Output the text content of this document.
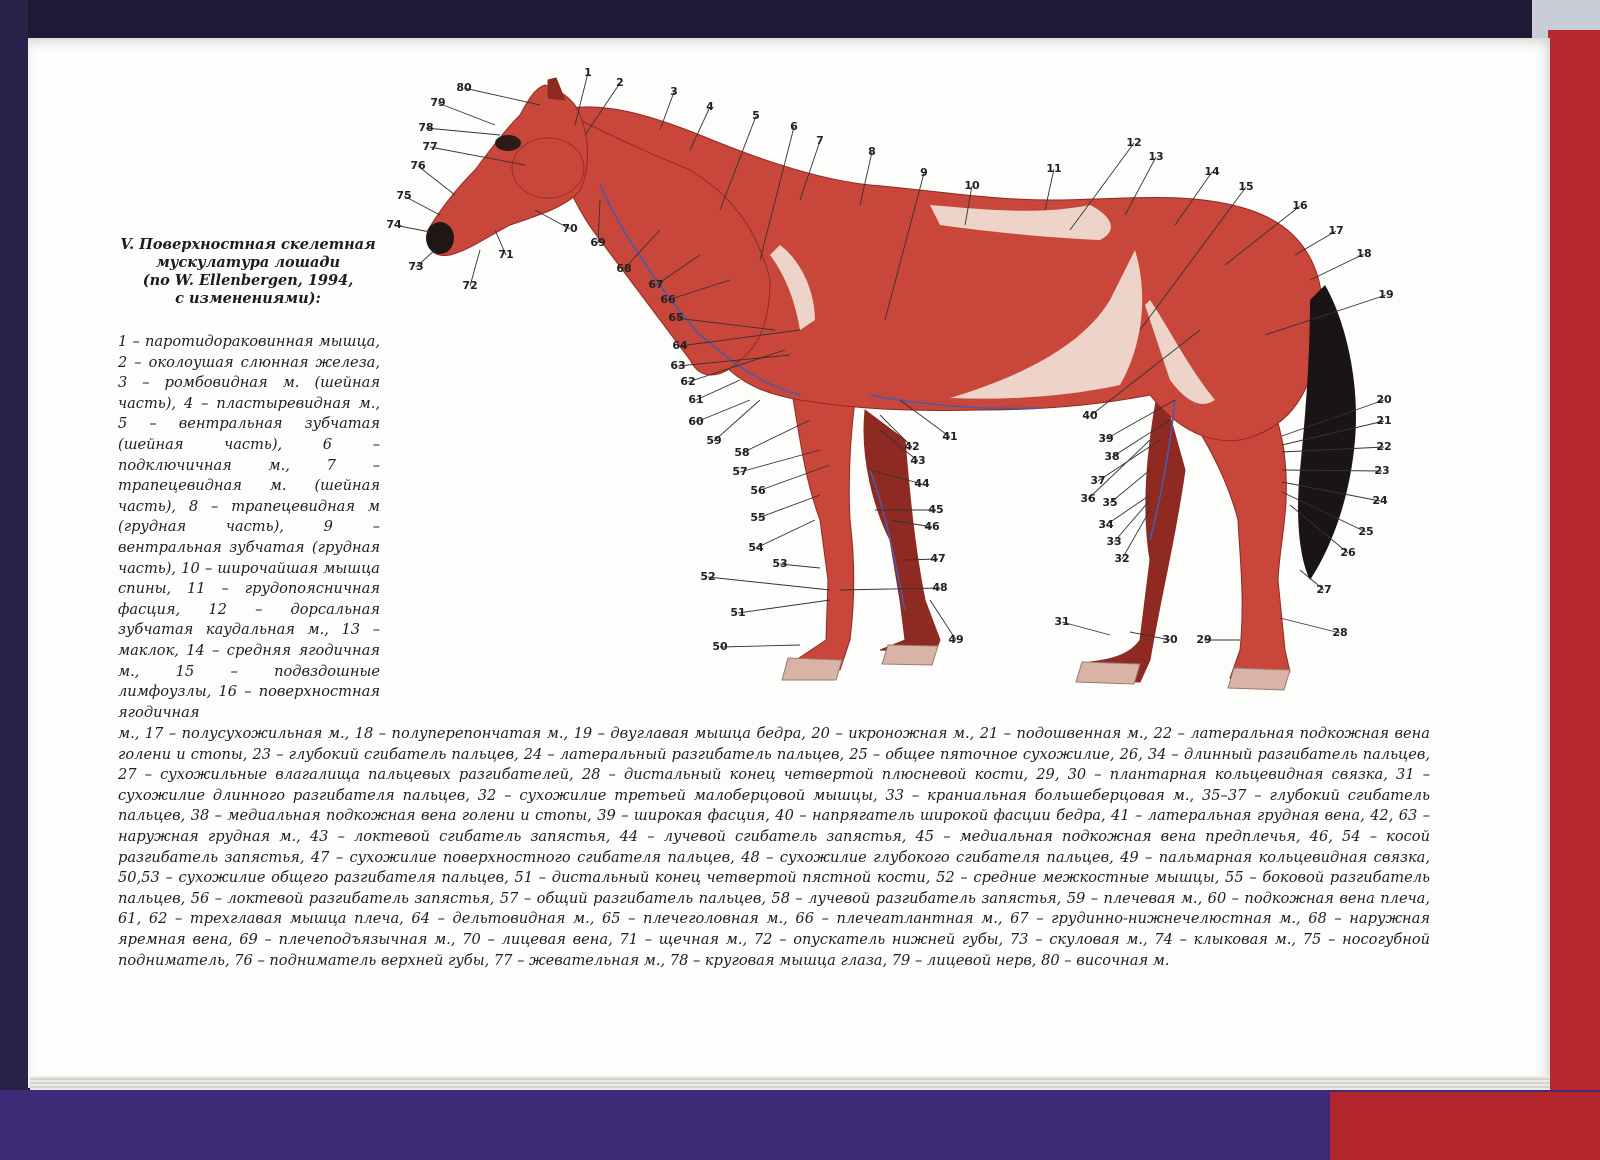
1
2
3
4
5
6
7
8
9
10
11
12
13
14
15
16
17
18
19
20
21
22
23
24
25
26
27
28
29
30
31
32
33
34
35
36
37
38
39
40
41
42
43
44
45
46
47
48
49
50
51
52
53
54
55
56
57
58
59
60
61
62
63
64
65
66
67
68
69
70
71
72
73
74
75
76
77
78
79
80
V. Поверхностная скелетная
мускулатура лошади
(по W. Ellenbergen, 1994,
с изменениями):
1 – паротидораковинная мышца, 2 – околоушая слюнная железа, 3 – ромбовидная м. (шейная часть), 4 – пластыревидная м., 5 – вентральная зубчатая (шейная часть), 6 – подключичная м., 7 – трапецевидная м. (шейная часть), 8 – трапецевидная м (грудная часть), 9 – вентральная зубчатая (грудная часть), 10 – широчайшая мышца спины, 11 – грудопоясничная фасция, 12 – дорсальная зубчатая каудальная м., 13 – маклок, 14 – средняя ягодичная м., 15 – подвздошные лимфоузлы, 16 – поверхностная ягодичная
м., 17 – полусухожильная м., 18 – полуперепончатая м., 19 – двуглавая мышца бедра, 20 – икроножная м., 21 – подошвенная м., 22 – латеральная подкожная вена голени и стопы, 23 – глубокий сгибатель пальцев, 24 – латеральный разгибатель пальцев, 25 – общее пяточное сухожилие, 26, 34 – длинный разгибатель пальцев, 27 – сухожильные влагалища пальцевых разгибателей, 28 – дистальный конец четвертой плюсневой кости, 29, 30 – плантарная кольцевидная связка, 31 – сухожилие длинного разгибателя пальцев, 32 – сухожилие третьей малоберцовой мышцы, 33 – краниальная большеберцовая м., 35–37 – глубокий сгибатель пальцев, 38 – медиальная подкожная вена голени и стопы, 39 – широкая фасция, 40 – напрягатель широкой фасции бедра, 41 – латеральная грудная вена, 42, 63 – наружная грудная м., 43 – локтевой сгибатель запястья, 44 – лучевой сгибатель запястья, 45 – медиальная подкожная вена предплечья, 46, 54 – косой разгибатель запястья, 47 – сухожилие поверхностного сгибателя пальцев, 48 – сухожилие глубокого сгибателя пальцев, 49 – пальмарная кольцевидная связка, 50,53 – сухожилие общего разгибателя пальцев, 51 – дистальный конец четвертой пястной кости, 52 – средние межкостные мышцы, 55 – боковой разгибатель пальцев, 56 – локтевой разгибатель запястья, 57 – общий разгибатель пальцев, 58 – лучевой разгибатель запястья, 59 – плечевая м., 60 – подкожная вена плеча, 61, 62 – трехглавая мышца плеча, 64 – дельтовидная м., 65 – плечеголовная м., 66 – плечеатлантная м., 67 – грудинно-нижнечелюстная м., 68 – наружная яремная вена, 69 – плечеподъязычная м., 70 – лицевая вена, 71 – щечная м., 72 – опускатель нижней губы, 73 – скуловая м., 74 – клыковая м., 75 – носогубной подниматель, 76 – подниматель верхней губы, 77 – жевательная м., 78 – круговая мышца глаза, 79 – лицевой нерв, 80 – височная м.
